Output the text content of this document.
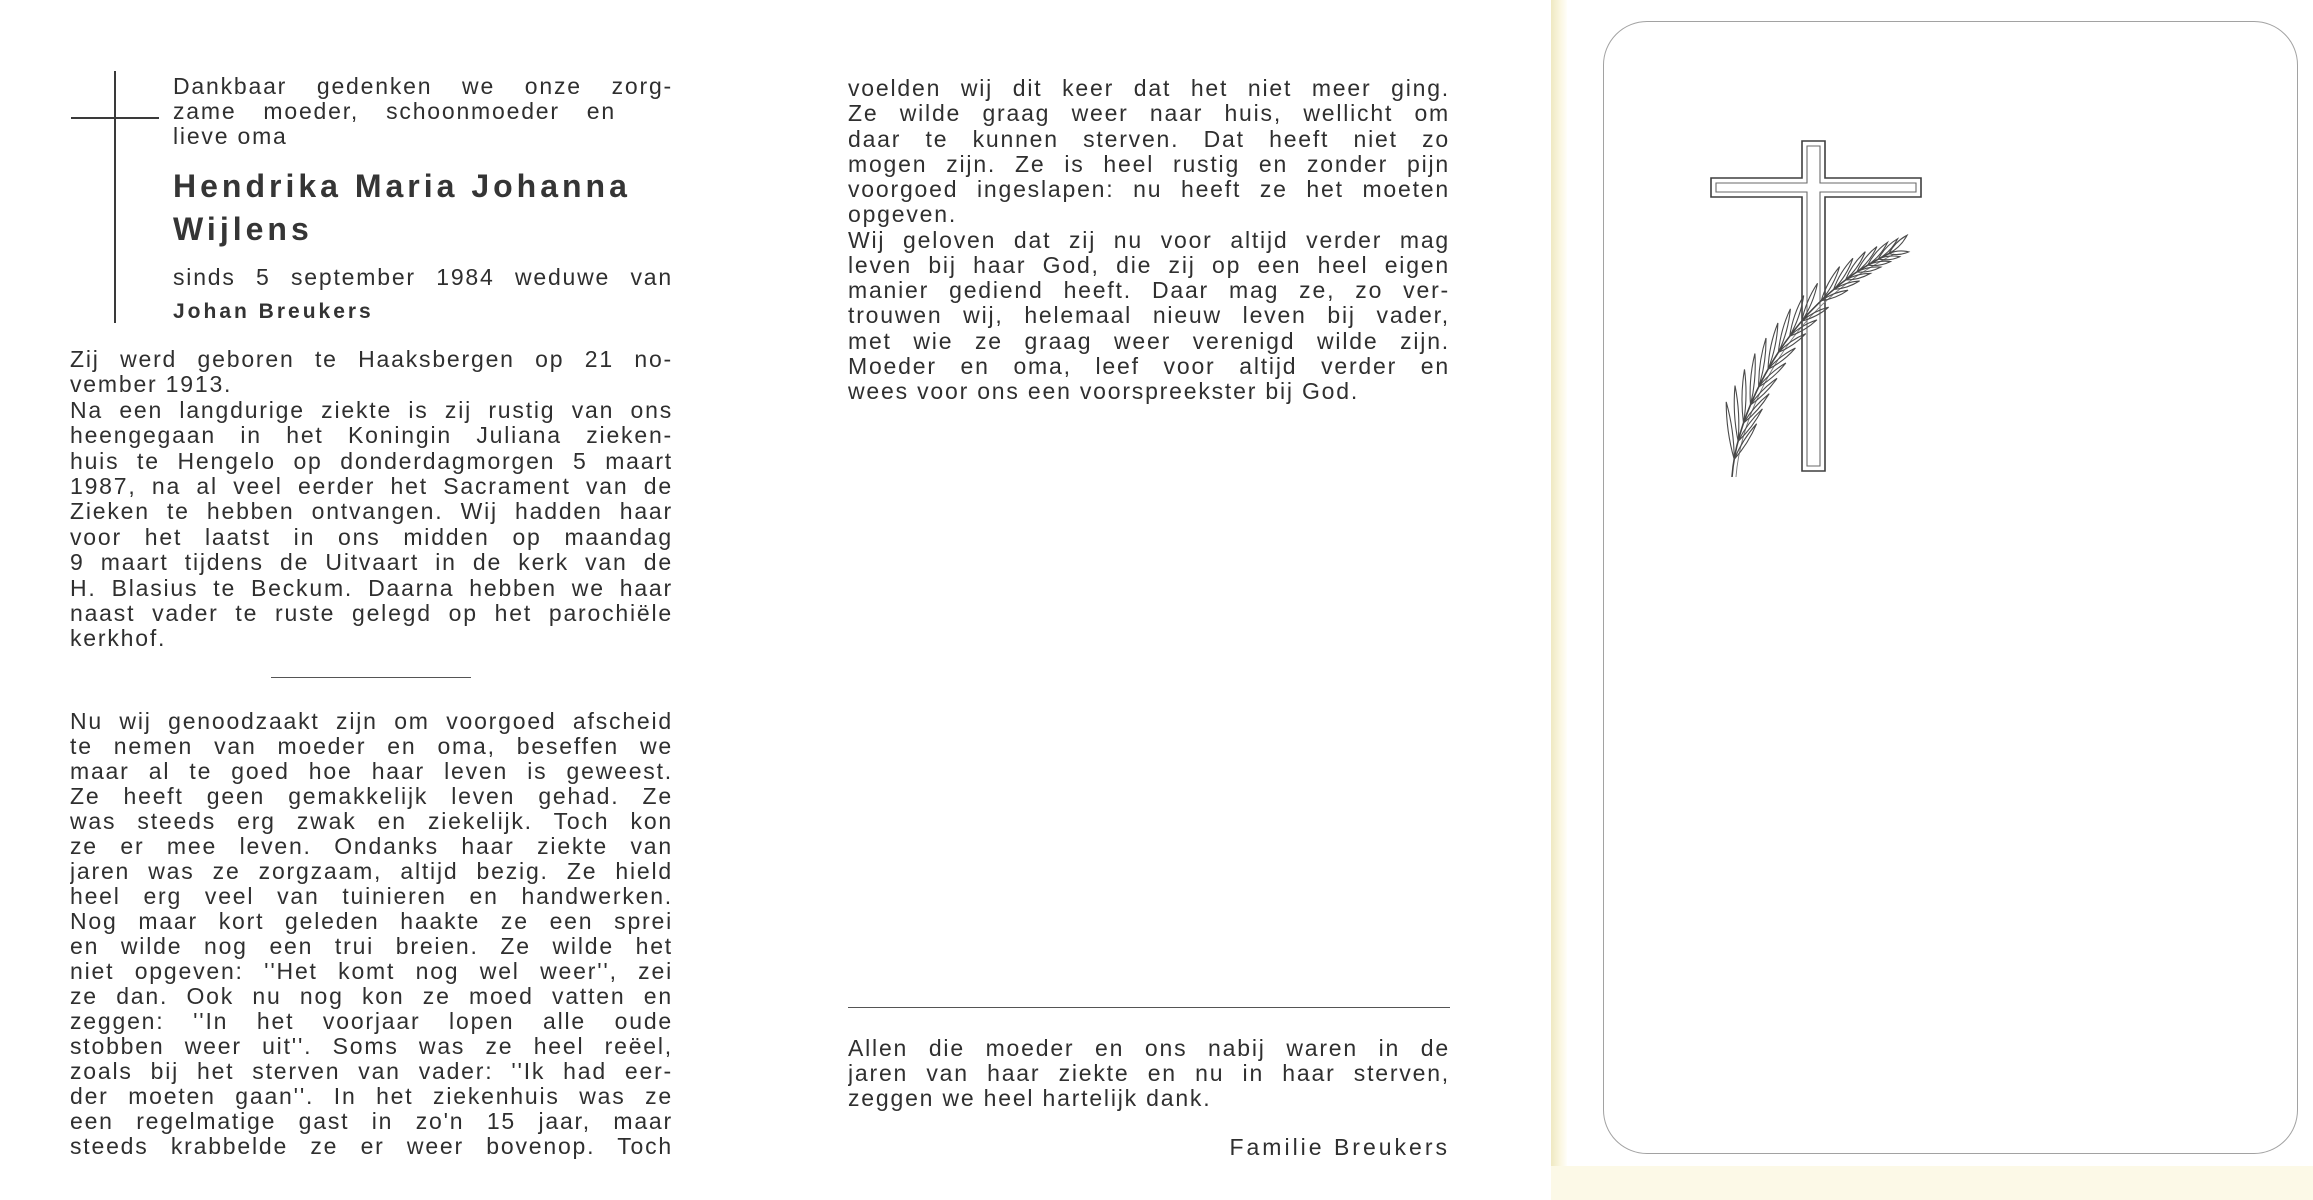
Dankbaar gedenken we onze zorg-
zame moeder, schoonmoeder en
lieve oma
Hendrika Maria Johanna
Wijlens
sinds 5 september 1984 weduwe van
Johan Breukers
Zij werd geboren te Haaksbergen op 21 no-
vember 1913.
Na een langdurige ziekte is zij rustig van ons
heengegaan in het Koningin Juliana zieken-
huis te Hengelo op donderdagmorgen 5 maart
1987, na al veel eerder het Sacrament van de
Zieken te hebben ontvangen. Wij hadden haar
voor het laatst in ons midden op maandag
9 maart tijdens de Uitvaart in de kerk van de
H. Blasius te Beckum. Daarna hebben we haar
naast vader te ruste gelegd op het parochiële
kerkhof.
Nu wij genoodzaakt zijn om voorgoed afscheid
te nemen van moeder en oma, beseffen we
maar al te goed hoe haar leven is geweest.
Ze heeft geen gemakkelijk leven gehad. Ze
was steeds erg zwak en ziekelijk. Toch kon
ze er mee leven. Ondanks haar ziekte van
jaren was ze zorgzaam, altijd bezig. Ze hield
heel erg veel van tuinieren en handwerken.
Nog maar kort geleden haakte ze een sprei
en wilde nog een trui breien. Ze wilde het
niet opgeven: ''Het komt nog wel weer'', zei
ze dan. Ook nu nog kon ze moed vatten en
zeggen: ''In het voorjaar lopen alle oude
stobben weer uit''. Soms was ze heel reëel,
zoals bij het sterven van vader: ''Ik had eer-
der moeten gaan''. In het ziekenhuis was ze
een regelmatige gast in zo'n 15 jaar, maar
steeds krabbelde ze er weer bovenop. Toch
voelden wij dit keer dat het niet meer ging.
Ze wilde graag weer naar huis, wellicht om
daar te kunnen sterven. Dat heeft niet zo
mogen zijn. Ze is heel rustig en zonder pijn
voorgoed ingeslapen: nu heeft ze het moeten
opgeven.
Wij geloven dat zij nu voor altijd verder mag
leven bij haar God, die zij op een heel eigen
manier gediend heeft. Daar mag ze, zo ver-
trouwen wij, helemaal nieuw leven bij vader,
met wie ze graag weer verenigd wilde zijn.
Moeder en oma, leef voor altijd verder en
wees voor ons een voorspreekster bij God.
Allen die moeder en ons nabij waren in de
jaren van haar ziekte en nu in haar sterven,
zeggen we heel hartelijk dank.
Familie Breukers
